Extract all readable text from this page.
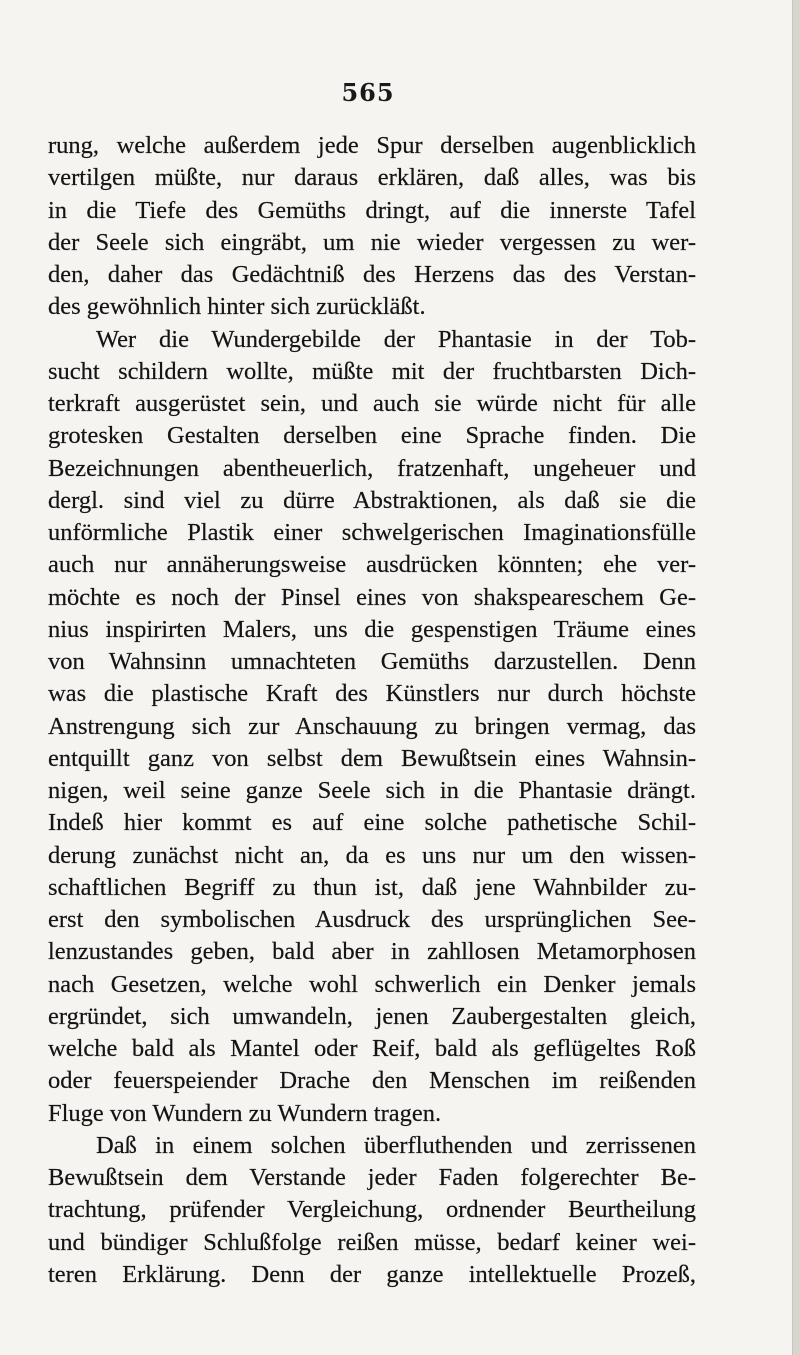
565
rung, welche außerdem jede Spur derselben augenblicklich
vertilgen müßte, nur daraus erklären, daß alles, was bis
in die Tiefe des Gemüths dringt, auf die innerste Tafel
der Seele sich eingräbt, um nie wieder vergessen zu wer-
den, daher das Gedächtniß des Herzens das des Verstan-
des gewöhnlich hinter sich zurückläßt.
Wer die Wundergebilde der Phantasie in der Tob-
sucht schildern wollte, müßte mit der fruchtbarsten Dich-
terkraft ausgerüstet sein, und auch sie würde nicht für alle
grotesken Gestalten derselben eine Sprache finden. Die
Bezeichnungen abentheuerlich, fratzenhaft, ungeheuer und
dergl. sind viel zu dürre Abstraktionen, als daß sie die
unförmliche Plastik einer schwelgerischen Imaginationsfülle
auch nur annäherungsweise ausdrücken könnten; ehe ver-
möchte es noch der Pinsel eines von shakspeareschem Ge-
nius inspirirten Malers, uns die gespenstigen Träume eines
von Wahnsinn umnachteten Gemüths darzustellen. Denn
was die plastische Kraft des Künstlers nur durch höchste
Anstrengung sich zur Anschauung zu bringen vermag, das
entquillt ganz von selbst dem Bewußtsein eines Wahnsin-
nigen, weil seine ganze Seele sich in die Phantasie drängt.
Indeß hier kommt es auf eine solche pathetische Schil-
derung zunächst nicht an, da es uns nur um den wissen-
schaftlichen Begriff zu thun ist, daß jene Wahnbilder zu-
erst den symbolischen Ausdruck des ursprünglichen Seе-
lenzustandes geben, bald aber in zahllosen Metamorphosen
nach Gesetzen, welche wohl schwerlich ein Denker jemals
ergründet, sich umwandeln, jenen Zaubergestalten gleich,
welche bald als Mantel oder Reif, bald als geflügeltes Roß
oder feuerspeiender Drache den Menschen im reißenden
Fluge von Wundern zu Wundern tragen.
Daß in einem solchen überfluthenden und zerrissenen
Bewußtsein dem Verstande jeder Faden folgerechter Be-
trachtung, prüfender Vergleichung, ordnender Beurtheilung
und bündiger Schlußfolge reißen müsse, bedarf keiner wei-
teren Erklärung. Denn der ganze intellektuelle Prozeß,
